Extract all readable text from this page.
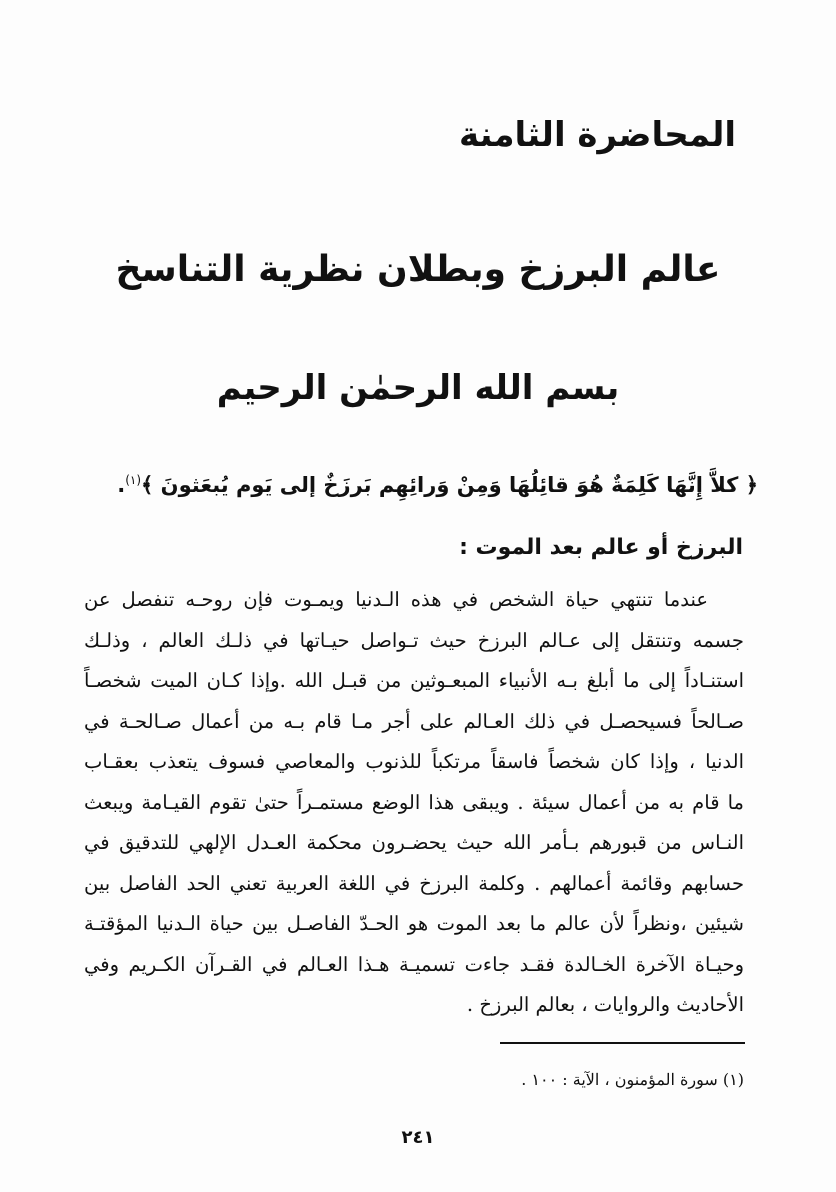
المحاضرة الثامنة
عالم البرزخ وبطلان نظرية التناسخ
بسم الله الرحمٰن الرحيم
﴿ كلاَّ إِنَّهَا كَلِمَةٌ هُوَ قائِلُهَا وَمِنْ وَرائِهِم بَرزَخٌ إلى يَوم يُبعَثونَ ﴾$^{(١)}$.
البرزخ أو عالم بعد الموت :
عندما تنتهي حياة الشخص في هذه الـدنيا ويمـوت فإن روحـه تنفصل عن
جسمه وتنتقل إلى عـالم البرزخ حيث تـواصل حيـاتها في ذلـك العالم ، وذلـك
استنـاداً إلى ما أبلغ بـه الأنبياء المبعـوثين من قبـل الله .وإذا كـان الميت شخصـاً
صـالحاً فسيحصـل في ذلك العـالم على أجر مـا قام بـه من أعمال صـالحـة في
الدنيا ، وإذا كان شخصاً فاسقاً مرتكباً للذنوب والمعاصي فسوف يتعذب بعقـاب
ما قام به من أعمال سيئة . ويبقى هذا الوضع مستمـراً حتىٰ تقوم القيـامة ويبعث
النـاس من قبورهم بـأمر الله حيث يحضـرون محكمة العـدل الإلهي للتدقيق في
حسابهم وقائمة أعمالهم . وكلمة البرزخ في اللغة العربية تعني الحد الفاصل بين
شيئين ،ونظراً لأن عالم ما بعد الموت هو الحـدّ الفاصـل بين حياة الـدنيا المؤقتـة
وحيـاة الآخرة الخـالدة فقـد جاءت تسميـة هـذا العـالم في القـرآن الكـريم وفي
الأحاديث والروايات ، بعالم البرزخ .
(١) سورة المؤمنون ، الآية : ١٠٠ .
٢٤١
